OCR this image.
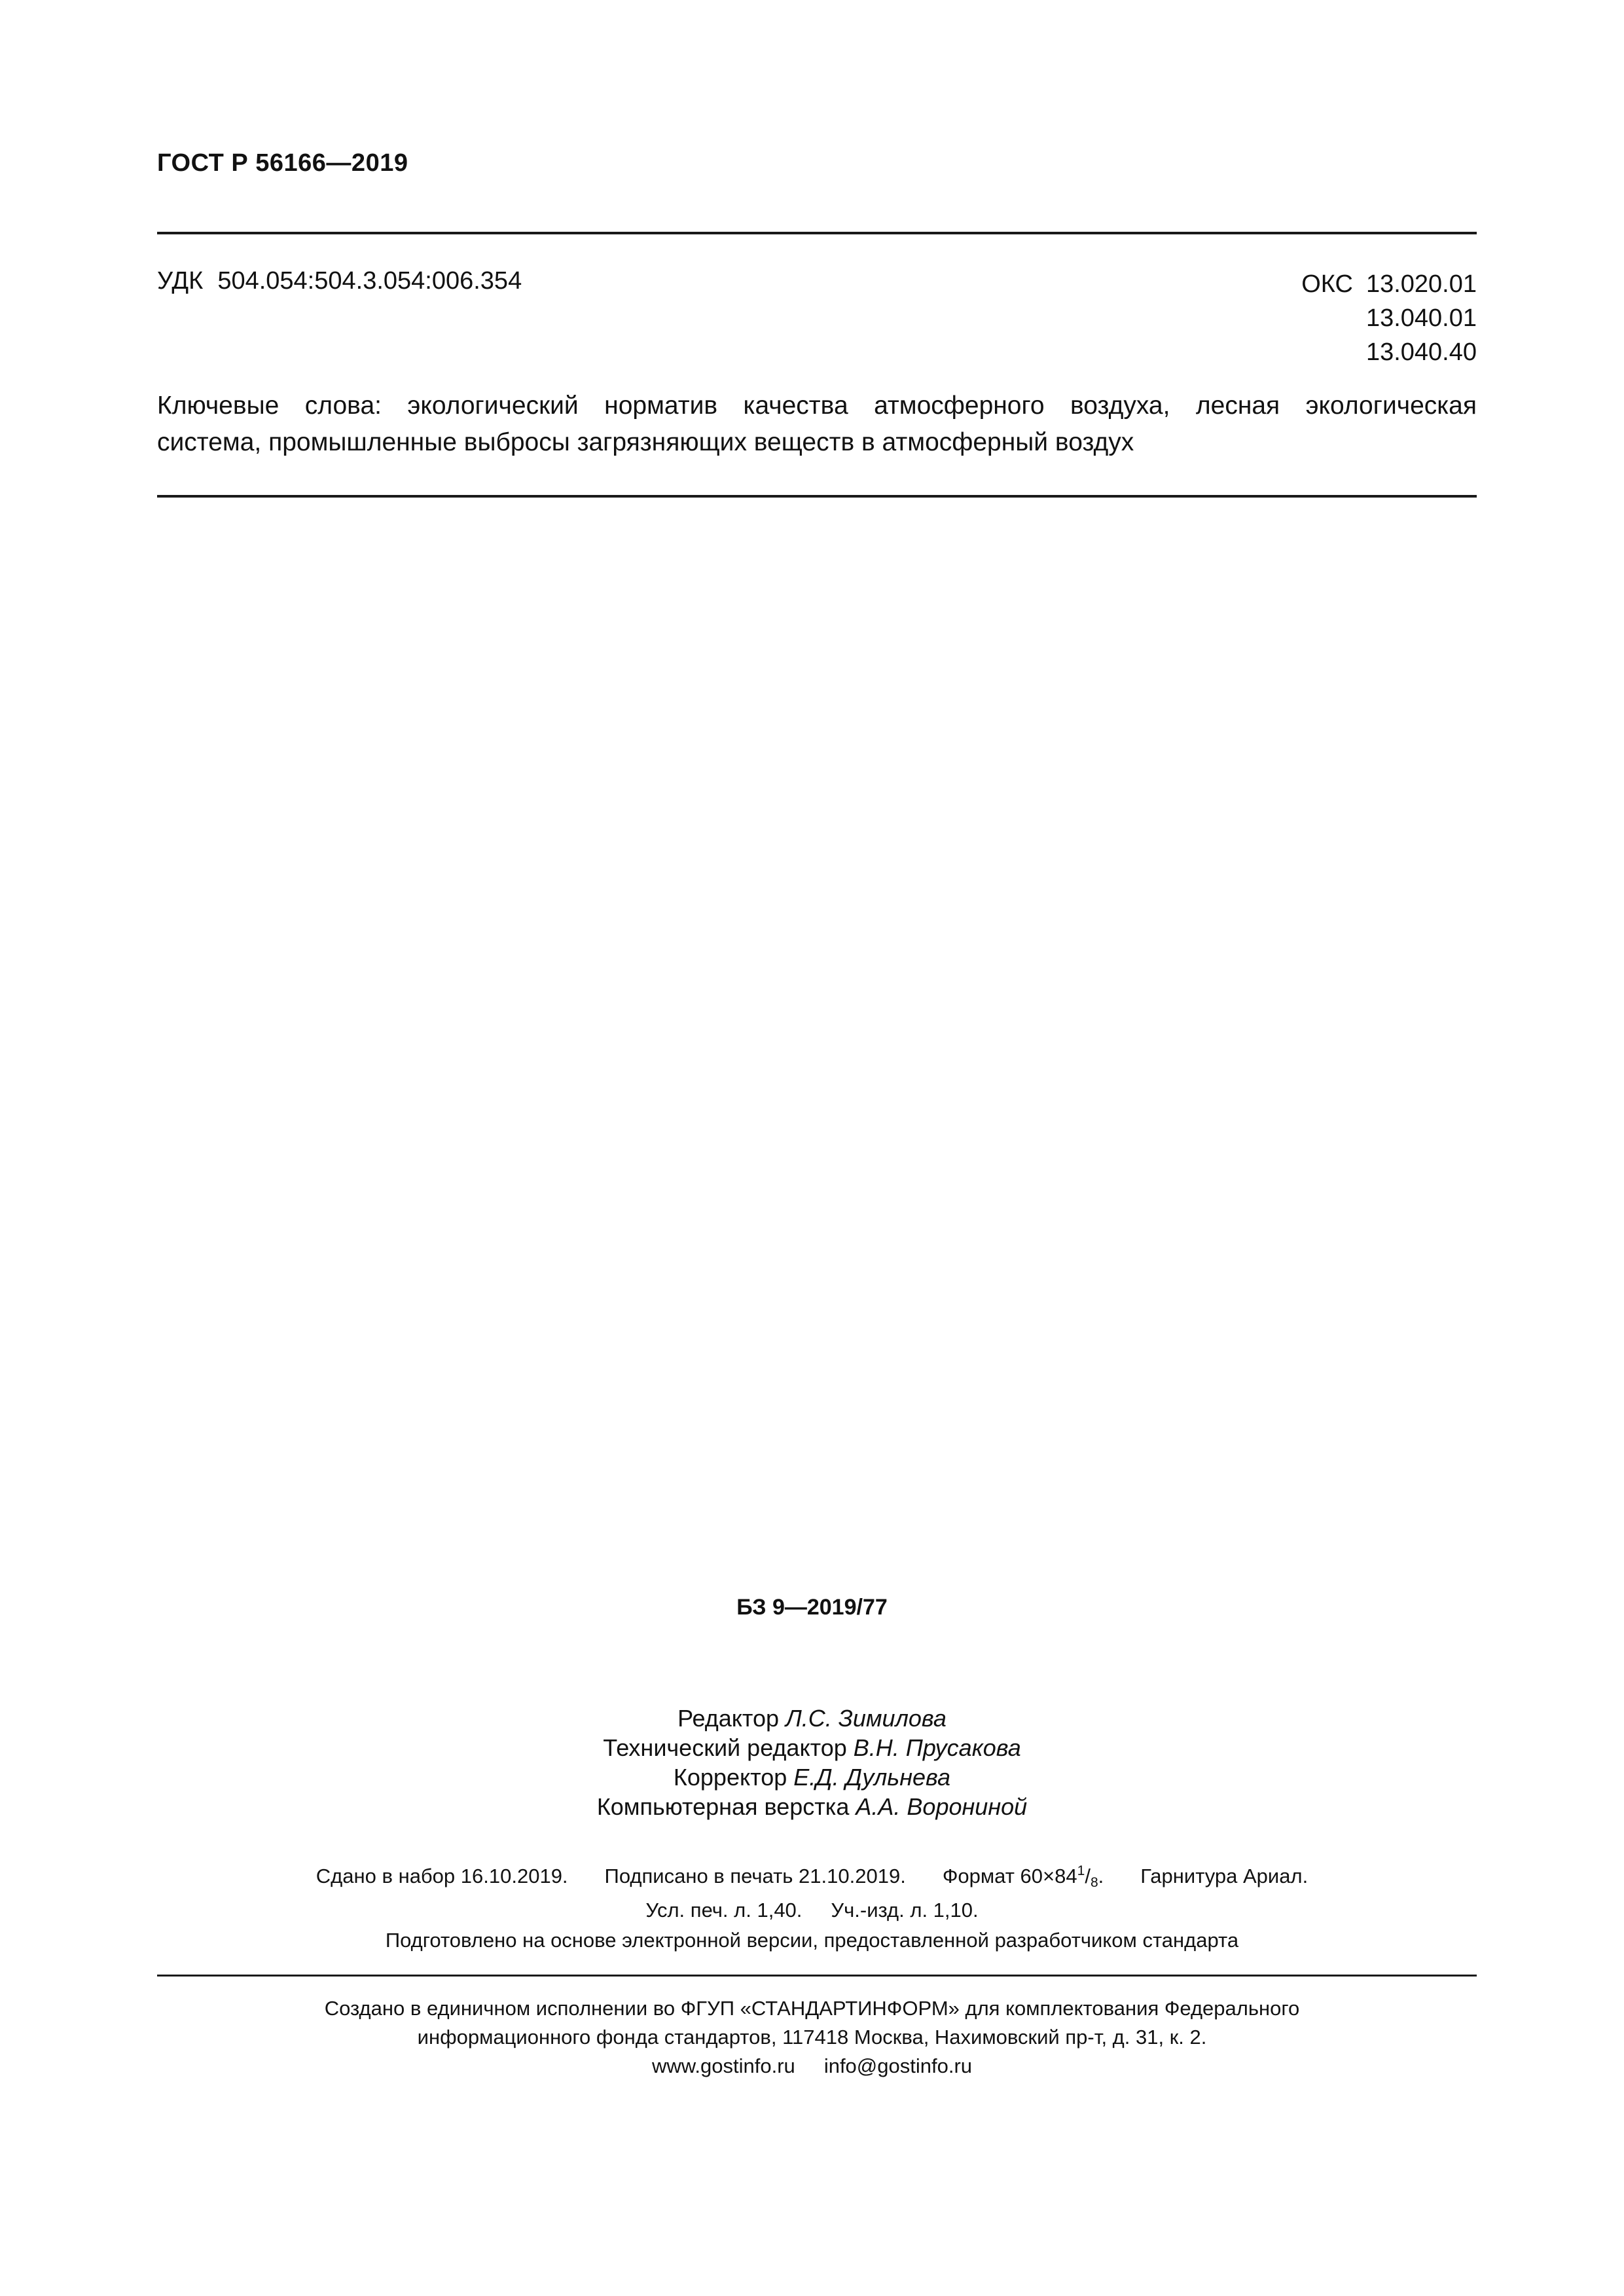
ГОСТ Р 56166—2019
УДК 504.054:504.3.054:006.354	ОКС 13.020.01
13.040.01
13.040.40
Ключевые слова: экологический норматив качества атмосферного воздуха, лесная экологическая
система, промышленные выбросы загрязняющих веществ в атмосферный воздух
БЗ 9—2019/77
Редактор Л.С. Зимилова
Технический редактор В.Н. Прусакова
Корректор Е.Д. Дульнева
Компьютерная верстка А.А. Ворониной
Сдано в набор 16.10.2019. Подписано в печать 21.10.2019. Формат $60\times 84^1/_8$. Гарнитура Ариал.
Усл. печ. л. 1,40. Уч.-изд. л. 1,10.
Подготовлено на основе электронной версии, предоставленной разработчиком стандарта
Создано в единичном исполнении во ФГУП «СТАНДАРТИНФОРМ» для комплектования Федерального
информационного фонда стандартов, 117418 Москва, Нахимовский пр-т, д. 31, к. 2.
www.gostinfo.ru info@gostinfo.ru
